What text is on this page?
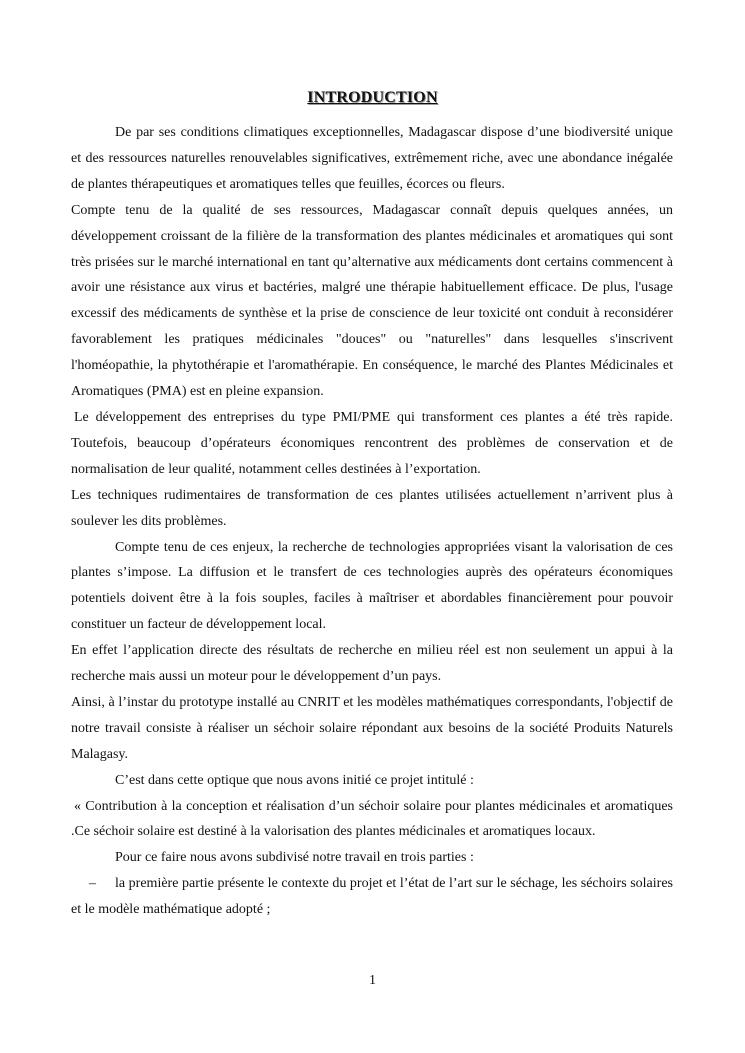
INTRODUCTION

De par ses conditions climatiques exceptionnelles, Madagascar dispose d’une biodiversité unique et des ressources naturelles renouvelables significatives, extrêmement riche, avec une abondance inégalée de plantes thérapeutiques et aromatiques telles que feuilles, écorces ou fleurs.

Compte tenu de la qualité de ses ressources, Madagascar connaît depuis quelques années, un développement croissant de la filière de la transformation des plantes médicinales et aromatiques qui sont très prisées sur le marché international en tant qu’alternative aux médicaments dont certains commencent à avoir une résistance aux virus et bactéries, malgré une thérapie habituellement efficace. De plus, l'usage excessif des médicaments de synthèse et la prise de conscience de leur toxicité ont conduit à reconsidérer favorablement les pratiques médicinales "douces" ou "naturelles" dans lesquelles s'inscrivent l'homéopathie, la phytothérapie et l'aromathérapie. En conséquence, le marché des Plantes Médicinales et Aromatiques (PMA) est en pleine expansion.

Le développement des entreprises du type PMI/PME qui transforment ces plantes a été très rapide. Toutefois, beaucoup d’opérateurs économiques rencontrent des problèmes de conservation et de normalisation de leur qualité, notamment celles destinées à l’exportation.

Les techniques rudimentaires de transformation de ces plantes utilisées actuellement n’arrivent plus à soulever les dits problèmes.

Compte tenu de ces enjeux, la recherche de technologies appropriées visant la valorisation de ces plantes s’impose. La diffusion et le transfert de ces technologies auprès des opérateurs économiques potentiels doivent être à la fois souples, faciles à maîtriser et abordables financièrement pour pouvoir constituer un facteur de développement local.

En effet l’application directe des résultats de recherche en milieu réel est non seulement un appui à la recherche mais aussi un moteur pour le développement d’un pays.

Ainsi, à l’instar du prototype installé au CNRIT et les modèles mathématiques correspondants, l'objectif de notre travail consiste à réaliser un séchoir solaire répondant aux besoins de la société Produits Naturels Malagasy.

C’est dans cette optique que nous avons initié ce projet intitulé :

« Contribution à la conception et réalisation d’un séchoir solaire pour plantes médicinales et aromatiques .Ce séchoir solaire est destiné à la valorisation des plantes médicinales et aromatiques locaux.

Pour ce faire nous avons subdivisé notre travail en trois parties :

– la première partie présente le contexte du projet et l’état de l’art sur le séchage, les séchoirs solaires et le modèle mathématique adopté ;

1
